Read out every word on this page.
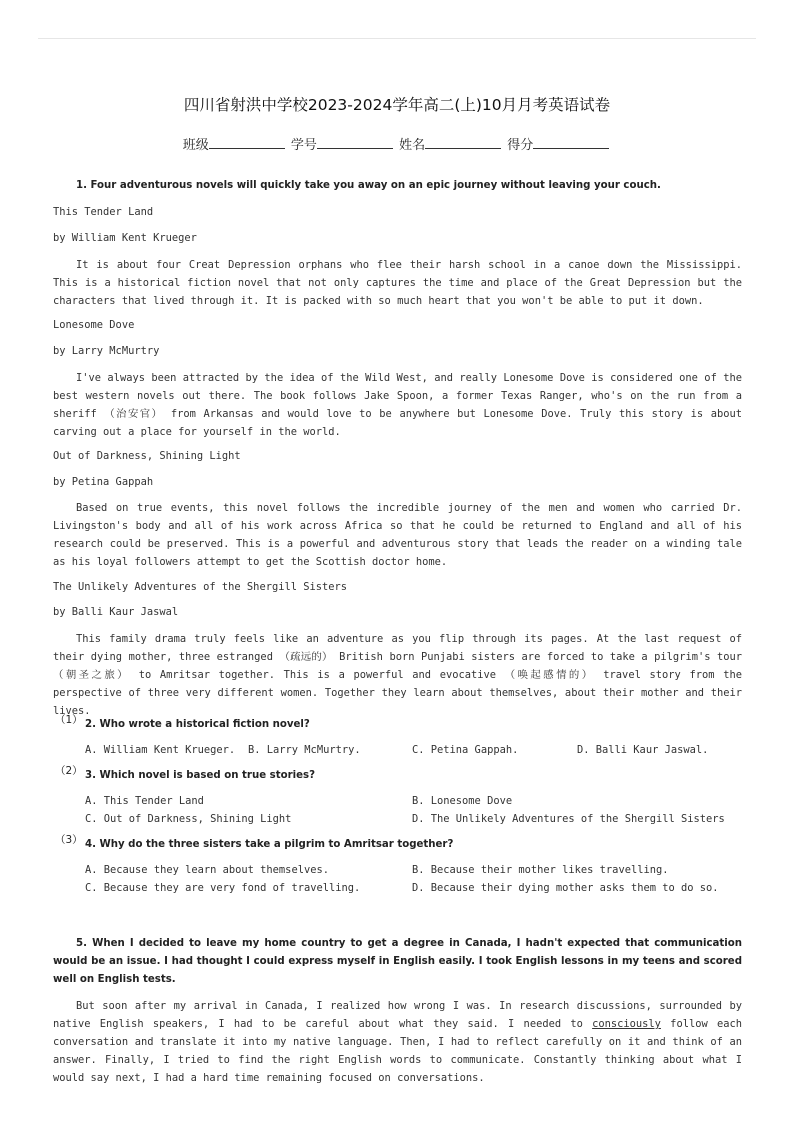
四川省射洪中学校2023-2024学年高二(上)10月月考英语试卷
班级	学号	姓名	得分
1. Four adventurous novels will quickly take you away on an epic journey without leaving your couch.
This Tender Land
by William Kent Krueger
It is about four Creat Depression orphans who flee their harsh school in a canoe down the Mississippi. This is a historical fiction novel that not only captures the time and place of the Great Depression but the characters that lived through it. It is packed with so much heart that you won't be able to put it down.
Lonesome Dove
by Larry McMurtry
I've always been attracted by the idea of the Wild West, and really Lonesome Dove is considered one of the best western novels out there. The book follows Jake Spoon, a former Texas Ranger, who's on the run from a sheriff （治安官） from Arkansas and would love to be anywhere but Lonesome Dove. Truly this story is about carving out a place for yourself in the world.
Out of Darkness, Shining Light
by Petina Gappah
Based on true events, this novel follows the incredible journey of the men and women who carried Dr. Livingston's body and all of his work across Africa so that he could be returned to England and all of his research could be preserved. This is a powerful and adventurous story that leads the reader on a winding tale as his loyal followers attempt to get the Scottish doctor home.
The Unlikely Adventures of the Shergill Sisters
by Balli Kaur Jaswal
This family drama truly feels like an adventure as you flip through its pages. At the last request of their dying mother, three estranged （疏远的） British born Punjabi sisters are forced to take a pilgrim's tour （朝圣之旅） to Amritsar together. This is a powerful and evocative （唤起感情的） travel story from the perspective of three very different women. Together they learn about themselves, about their mother and their lives.
（1） 2. Who wrote a historical fiction novel?
A. William Kent Krueger. B. Larry McMurtry.	C. Petina Gappah.	D. Balli Kaur Jaswal.
（2） 3. Which novel is based on true stories?
A. This Tender Land	B. Lonesome Dove
C. Out of Darkness, Shining Light	D. The Unlikely Adventures of the Shergill Sisters
（3） 4. Why do the three sisters take a pilgrim to Amritsar together?
A. Because they learn about themselves.	B. Because their mother likes travelling.
C. Because they are very fond of travelling.	D. Because their dying mother asks them to do so.
5. When I decided to leave my home country to get a degree in Canada, I hadn't expected that communication would be an issue. I had thought I could express myself in English easily. I took English lessons in my teens and scored well on English tests.
But soon after my arrival in Canada, I realized how wrong I was. In research discussions, surrounded by native English speakers, I had to be careful about what they said. I needed to consciously follow each conversation and translate it into my native language. Then, I had to reflect carefully on it and think of an answer. Finally, I tried to find the right English words to communicate. Constantly thinking about what I would say next, I had a hard time remaining focused on conversations.
